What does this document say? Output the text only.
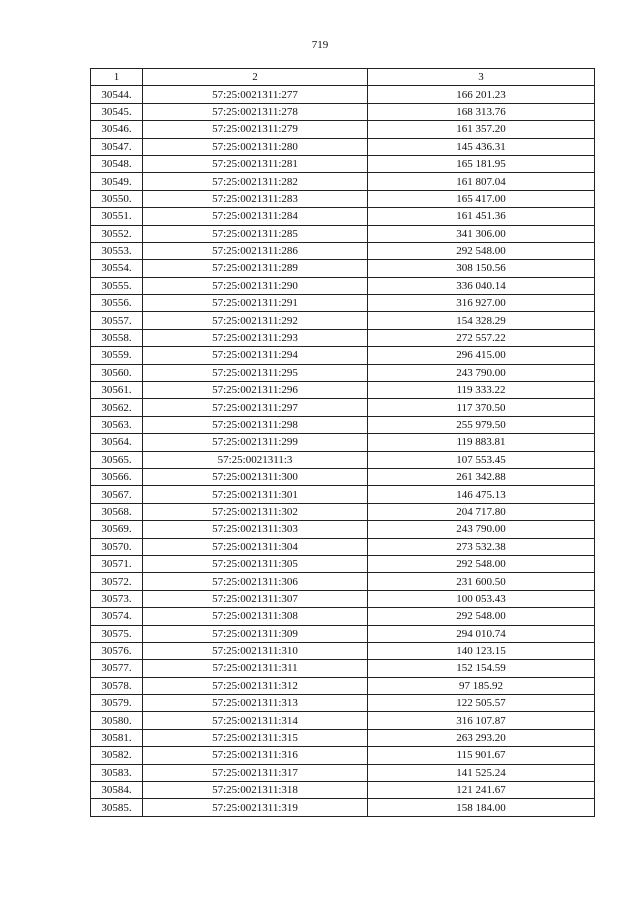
719
1	2	3
30544.	57:25:0021311:277	166 201.23
30545.	57:25:0021311:278	168 313.76
30546.	57:25:0021311:279	161 357.20
30547.	57:25:0021311:280	145 436.31
30548.	57:25:0021311:281	165 181.95
30549.	57:25:0021311:282	161 807.04
30550.	57:25:0021311:283	165 417.00
30551.	57:25:0021311:284	161 451.36
30552.	57:25:0021311:285	341 306.00
30553.	57:25:0021311:286	292 548.00
30554.	57:25:0021311:289	308 150.56
30555.	57:25:0021311:290	336 040.14
30556.	57:25:0021311:291	316 927.00
30557.	57:25:0021311:292	154 328.29
30558.	57:25:0021311:293	272 557.22
30559.	57:25:0021311:294	296 415.00
30560.	57:25:0021311:295	243 790.00
30561.	57:25:0021311:296	119 333.22
30562.	57:25:0021311:297	117 370.50
30563.	57:25:0021311:298	255 979.50
30564.	57:25:0021311:299	119 883.81
30565.	57:25:0021311:3	107 553.45
30566.	57:25:0021311:300	261 342.88
30567.	57:25:0021311:301	146 475.13
30568.	57:25:0021311:302	204 717.80
30569.	57:25:0021311:303	243 790.00
30570.	57:25:0021311:304	273 532.38
30571.	57:25:0021311:305	292 548.00
30572.	57:25:0021311:306	231 600.50
30573.	57:25:0021311:307	100 053.43
30574.	57:25:0021311:308	292 548.00
30575.	57:25:0021311:309	294 010.74
30576.	57:25:0021311:310	140 123.15
30577.	57:25:0021311:311	152 154.59
30578.	57:25:0021311:312	97 185.92
30579.	57:25:0021311:313	122 505.57
30580.	57:25:0021311:314	316 107.87
30581.	57:25:0021311:315	263 293.20
30582.	57:25:0021311:316	115 901.67
30583.	57:25:0021311:317	141 525.24
30584.	57:25:0021311:318	121 241.67
30585.	57:25:0021311:319	158 184.00
